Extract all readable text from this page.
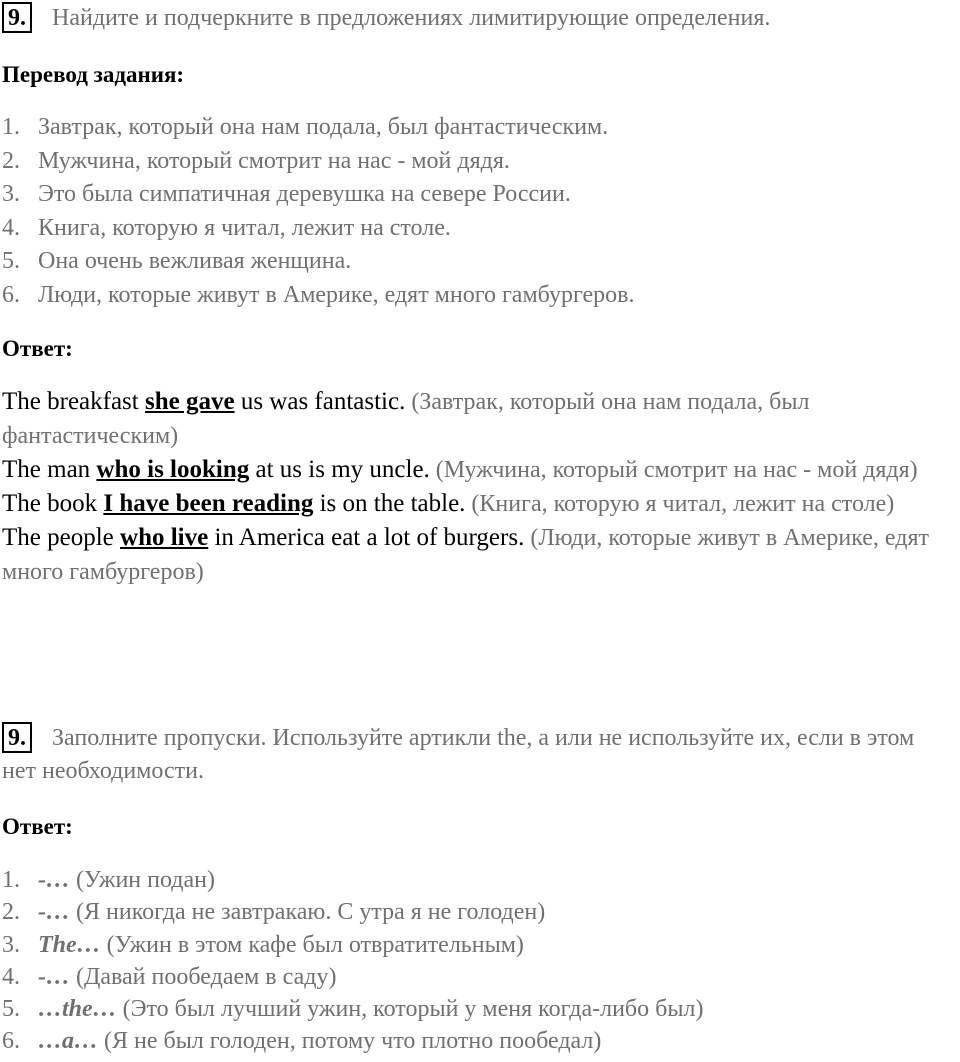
9. Найдите и подчеркните в предложениях лимитирующие определения.
Перевод задания:
1. Завтрак, который она нам подала, был фантастическим.
2. Мужчина, который смотрит на нас - мой дядя.
3. Это была симпатичная деревушка на севере России.
4. Книга, которую я читал, лежит на столе.
5. Она очень вежливая женщина.
6. Люди, которые живут в Америке, едят много гамбургеров.
Ответ:
The breakfast she gave us was fantastic. (Завтрак, который она нам подала, был фантастическим)
The man who is looking at us is my uncle. (Мужчина, который смотрит на нас - мой дядя)
The book I have been reading is on the table. (Книга, которую я читал, лежит на столе)
The people who live in America eat a lot of burgers. (Люди, которые живут в Америке, едят много гамбургеров)
9. Заполните пропуски. Используйте артикли the, a или не используйте их, если в этом нет необходимости.
Ответ:
1. -… (Ужин подан)
2. -… (Я никогда не завтракаю. С утра я не голоден)
3. The… (Ужин в этом кафе был отвратительным)
4. -… (Давай пообедаем в саду)
5. …the… (Это был лучший ужин, который у меня когда-либо был)
6. …a… (Я не был голоден, потому что плотно пообедал)
